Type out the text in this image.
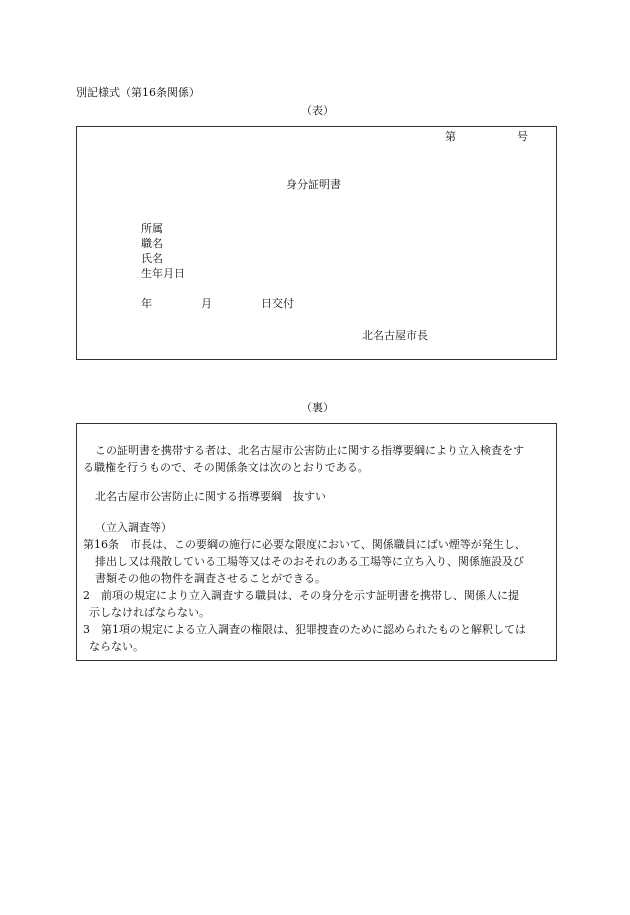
別記様式（第16条関係）
（表）
第	号
身分証明書
所属
職名
氏名
生年月日
年	月	日交付
北名古屋市長
（裏）
この証明書を携帯する者は、北名古屋市公害防止に関する指導要綱により立入検査をす
る職権を行うもので、その関係条文は次のとおりである。
北名古屋市公害防止に関する指導要綱　抜すい
（立入調査等）
第16条　市長は、この要綱の施行に必要な限度において、関係職員にばい煙等が発生し、
排出し又は飛散している工場等又はそのおそれのある工場等に立ち入り、関係施設及び
書類その他の物件を調査させることができる。
2　前項の規定により立入調査する職員は、その身分を示す証明書を携帯し、関係人に提
示しなければならない。
3　第1項の規定による立入調査の権限は、犯罪捜査のために認められたものと解釈しては
ならない。
